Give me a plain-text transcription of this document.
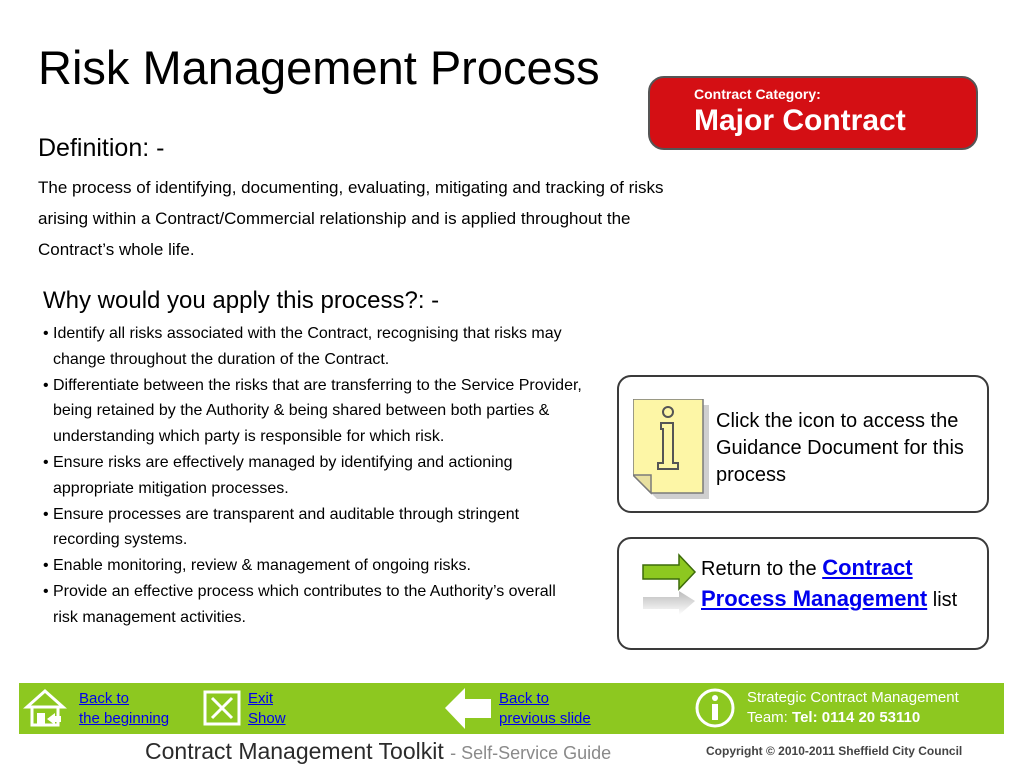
Risk Management Process	Contract Category:
Major Contract
Definition: -
The process of identifying, documenting, evaluating, mitigating and tracking of risks
arising within a Contract/Commercial relationship and is applied throughout the
Contract’s whole life.
Why would you apply this process?: -
• Identify all risks associated with the Contract, recognising that risks may change throughout the duration of the Contract.
• Differentiate between the risks that are transferring to the Service Provider, being retained by the Authority & being shared between both parties & understanding which party is responsible for which risk.
• Ensure risks are effectively managed by identifying and actioning appropriate mitigation processes.
• Ensure processes are transparent and auditable through stringent recording systems.
• Enable monitoring, review & management of ongoing risks.
• Provide an effective process which contributes to the Authority’s overall risk management activities.
Click the icon to access the Guidance Document for this process
Return to the Contract Process Management list
Back to
the beginning
Exit
Show
Back to
previous slide
Strategic Contract Management
Team: Tel: 0114 20 53110
Contract Management Toolkit - Self-Service Guide	Copyright © 2010-2011 Sheffield City Council
